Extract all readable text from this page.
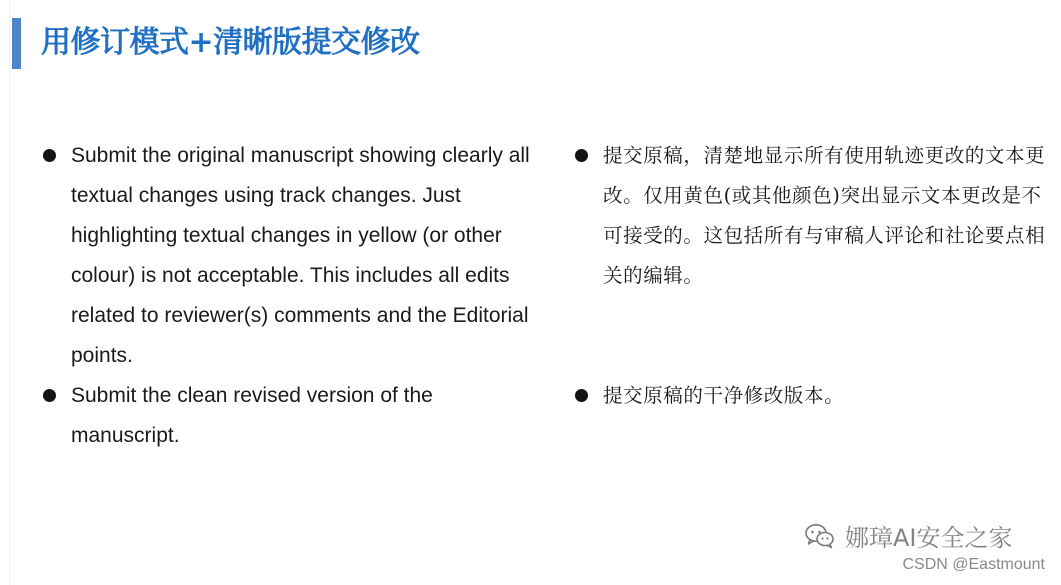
用修订模式+清晰版提交修改
Submit the original manuscript showing clearly all textual changes using track changes. Just highlighting textual changes in yellow (or other colour) is not acceptable. This includes all edits related to reviewer(s) comments and the Editorial points.
Submit the clean revised version of the manuscript.
提交原稿，清楚地显示所有使用轨迹更改的文本更改。仅用黄色(或其他颜色)突出显示文本更改是不可接受的。这包括所有与审稿人评论和社论要点相关的编辑。
提交原稿的干净修改版本。
娜璋AI安全之家
CSDN @Eastmount
